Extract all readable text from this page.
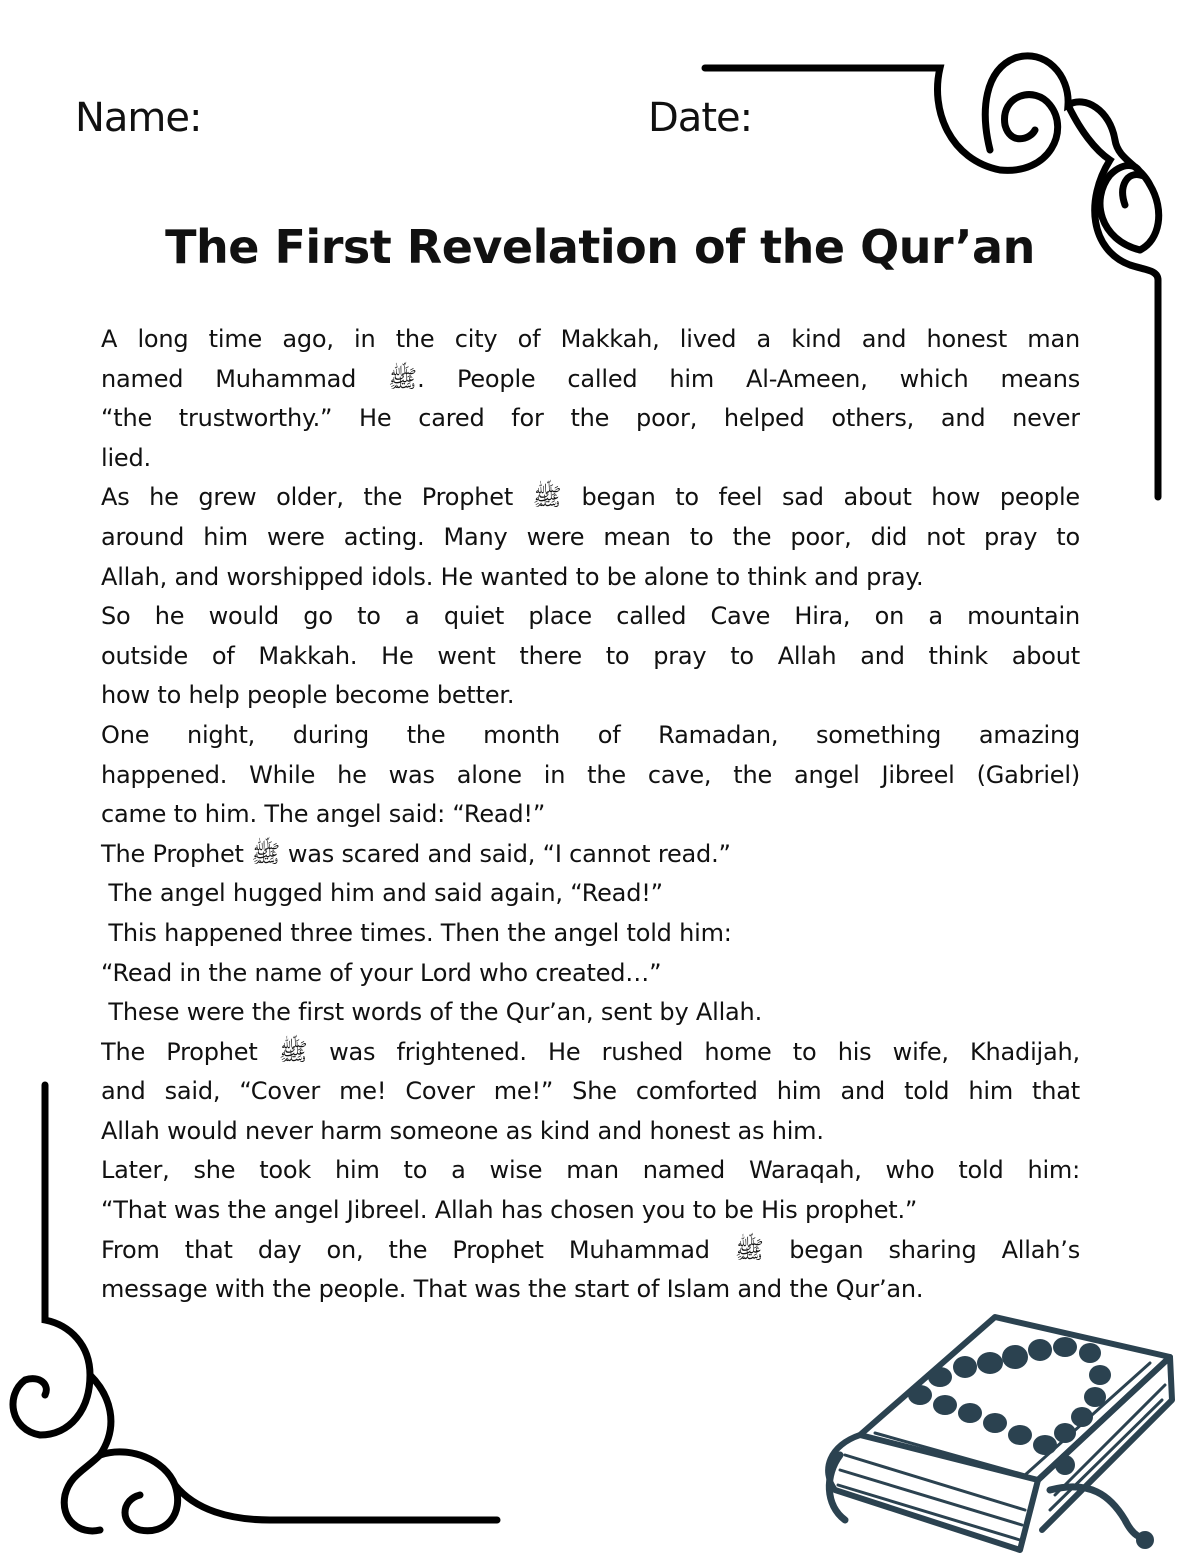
Name:	Date:
The First Revelation of the Qur’an
A long time ago, in the city of Makkah, lived a kind and honest man
named Muhammad ﷺ. People called him Al-Ameen, which means
“the trustworthy.” He cared for the poor, helped others, and never
lied.
As he grew older, the Prophet ﷺ began to feel sad about how people
around him were acting. Many were mean to the poor, did not pray to
Allah, and worshipped idols. He wanted to be alone to think and pray.
So he would go to a quiet place called Cave Hira, on a mountain
outside of Makkah. He went there to pray to Allah and think about
how to help people become better.
One night, during the month of Ramadan, something amazing
happened. While he was alone in the cave, the angel Jibreel (Gabriel)
came to him. The angel said: “Read!”
The Prophet ﷺ was scared and said, “I cannot read.”
The angel hugged him and said again, “Read!”
This happened three times. Then the angel told him:
“Read in the name of your Lord who created…”
These were the first words of the Qur’an, sent by Allah.
The Prophet ﷺ was frightened. He rushed home to his wife, Khadijah,
and said, “Cover me! Cover me!” She comforted him and told him that
Allah would never harm someone as kind and honest as him.
Later, she took him to a wise man named Waraqah, who told him:
“That was the angel Jibreel. Allah has chosen you to be His prophet.”
From that day on, the Prophet Muhammad ﷺ began sharing Allah’s
message with the people. That was the start of Islam and the Qur’an.
